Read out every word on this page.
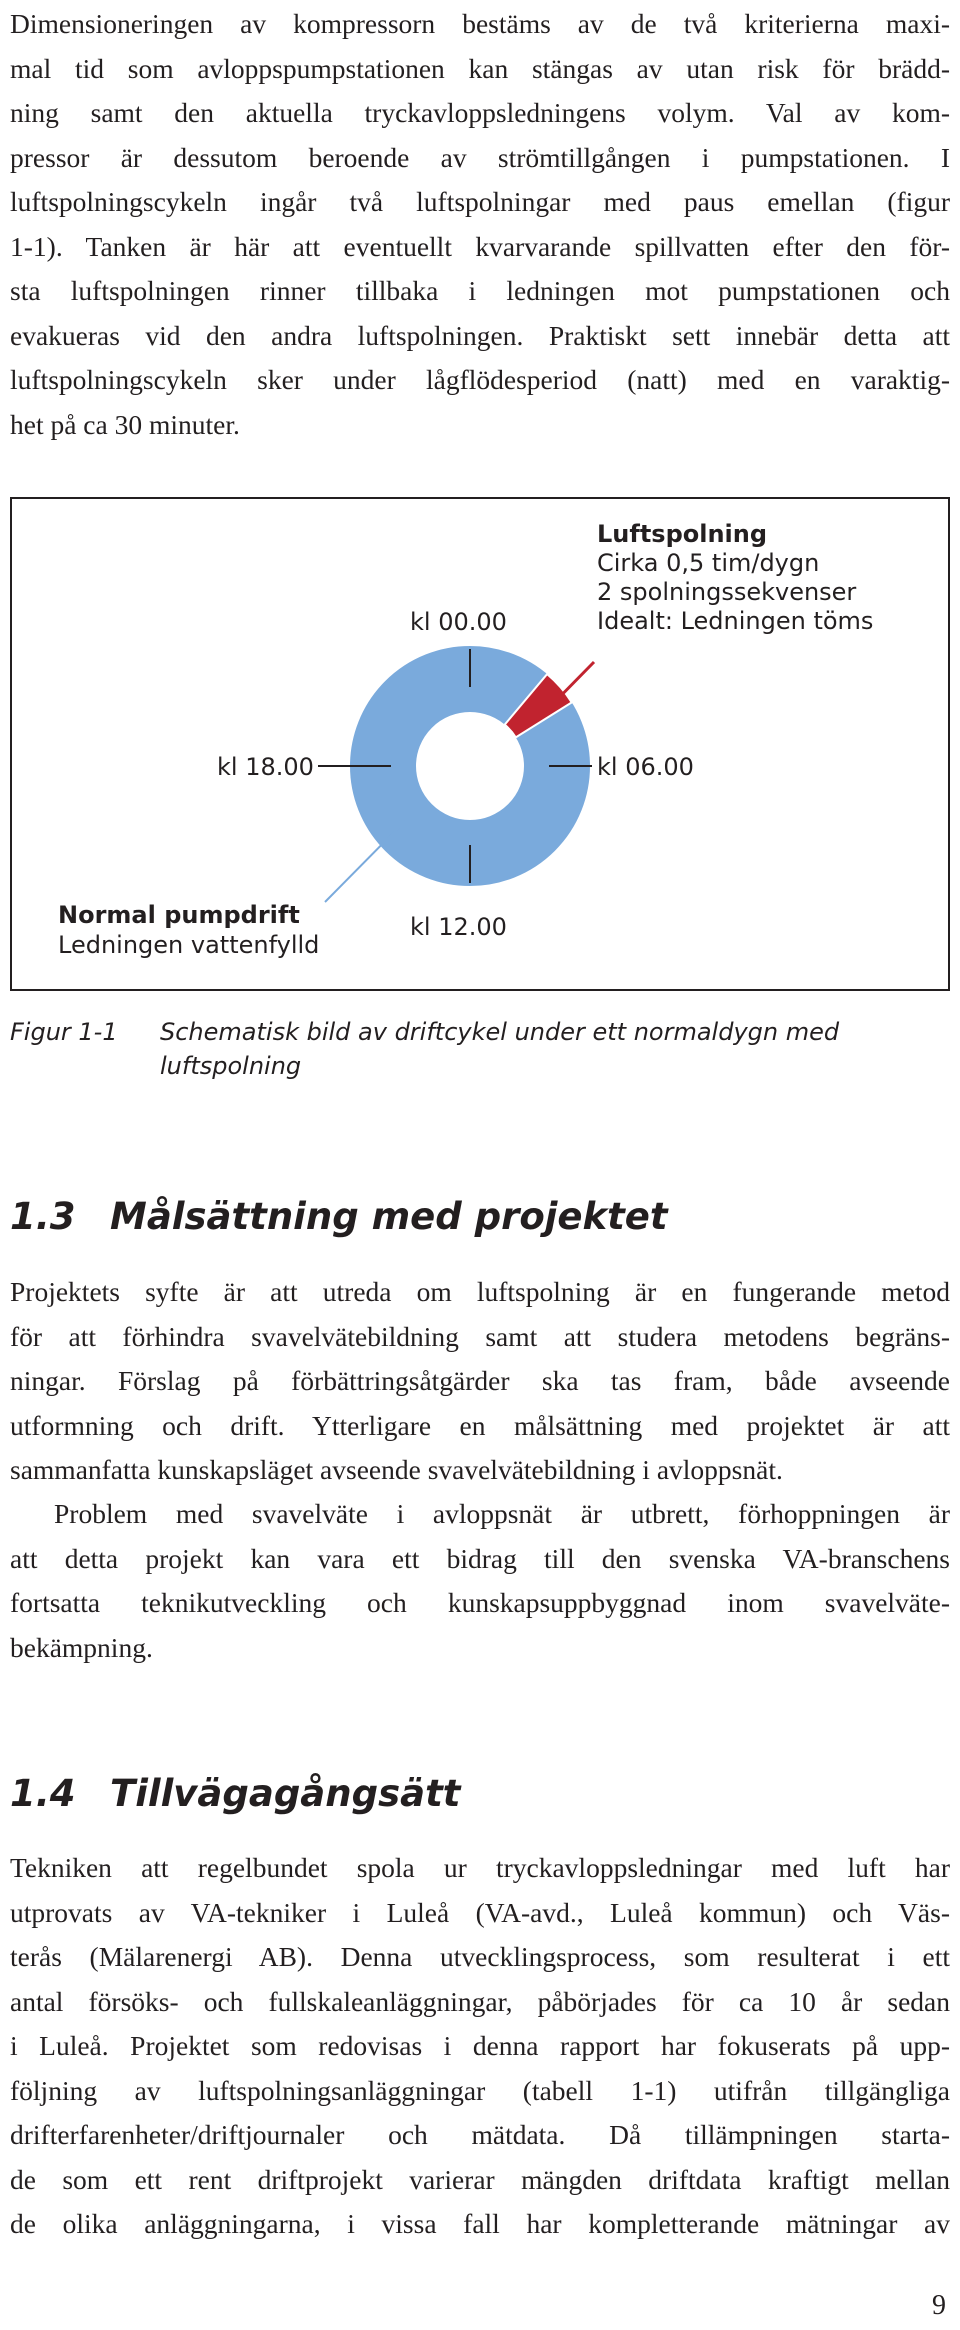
Dimensioneringen av kompressorn bestäms av de två kriterierna maxi-
mal tid som avloppspumpstationen kan stängas av utan risk för brädd-
ning samt den aktuella tryckavloppsledningens volym. Val av kom-
pressor är dessutom beroende av strömtillgången i pumpstationen. I
luftspolningscykeln ingår två luftspolningar med paus emellan (figur
1-1). Tanken är här att eventuellt kvarvarande spillvatten efter den för-
sta luftspolningen rinner tillbaka i ledningen mot pumpstationen och
evakueras vid den andra luftspolningen. Praktiskt sett innebär detta att
luftspolningscykeln sker under lågflödesperiod (natt) med en varaktig-
het på ca 30 minuter.
kl 00.00
kl 06.00
kl 12.00
kl 18.00
Luftspolning
Cirka 0,5 tim/dygn
2 spolningssekvenser
Idealt: Ledningen töms
Normal pumpdrift
Ledningen vattenfylld
Figur 1-1 Schematisk bild av driftcykel under ett normaldygn med
luftspolning
1.3 Målsättning med projektet
Projektets syfte är att utreda om luftspolning är en fungerande metod
för att förhindra svavelvätebildning samt att studera metodens begräns-
ningar. Förslag på förbättringsåtgärder ska tas fram, både avseende
utformning och drift. Ytterligare en målsättning med projektet är att
sammanfatta kunskapsläget avseende svavelvätebildning i avloppsnät.
Problem med svavelväte i avloppsnät är utbrett, förhoppningen är
att detta projekt kan vara ett bidrag till den svenska VA-branschens
fortsatta teknikutveckling och kunskapsuppbyggnad inom svavelväte-
bekämpning.
1.4 Tillvägagångsätt
Tekniken att regelbundet spola ur tryckavloppsledningar med luft har
utprovats av VA-tekniker i Luleå (VA-avd., Luleå kommun) och Väs-
terås (Mälarenergi AB). Denna utvecklingsprocess, som resulterat i ett
antal försöks- och fullskaleanläggningar, påbörjades för ca 10 år sedan
i Luleå. Projektet som redovisas i denna rapport har fokuserats på upp-
följning av luftspolningsanläggningar (tabell 1-1) utifrån tillgängliga
drifterfarenheter/driftjournaler och mätdata. Då tillämpningen starta-
de som ett rent driftprojekt varierar mängden driftdata kraftigt mellan
de olika anläggningarna, i vissa fall har kompletterande mätningar av
9
